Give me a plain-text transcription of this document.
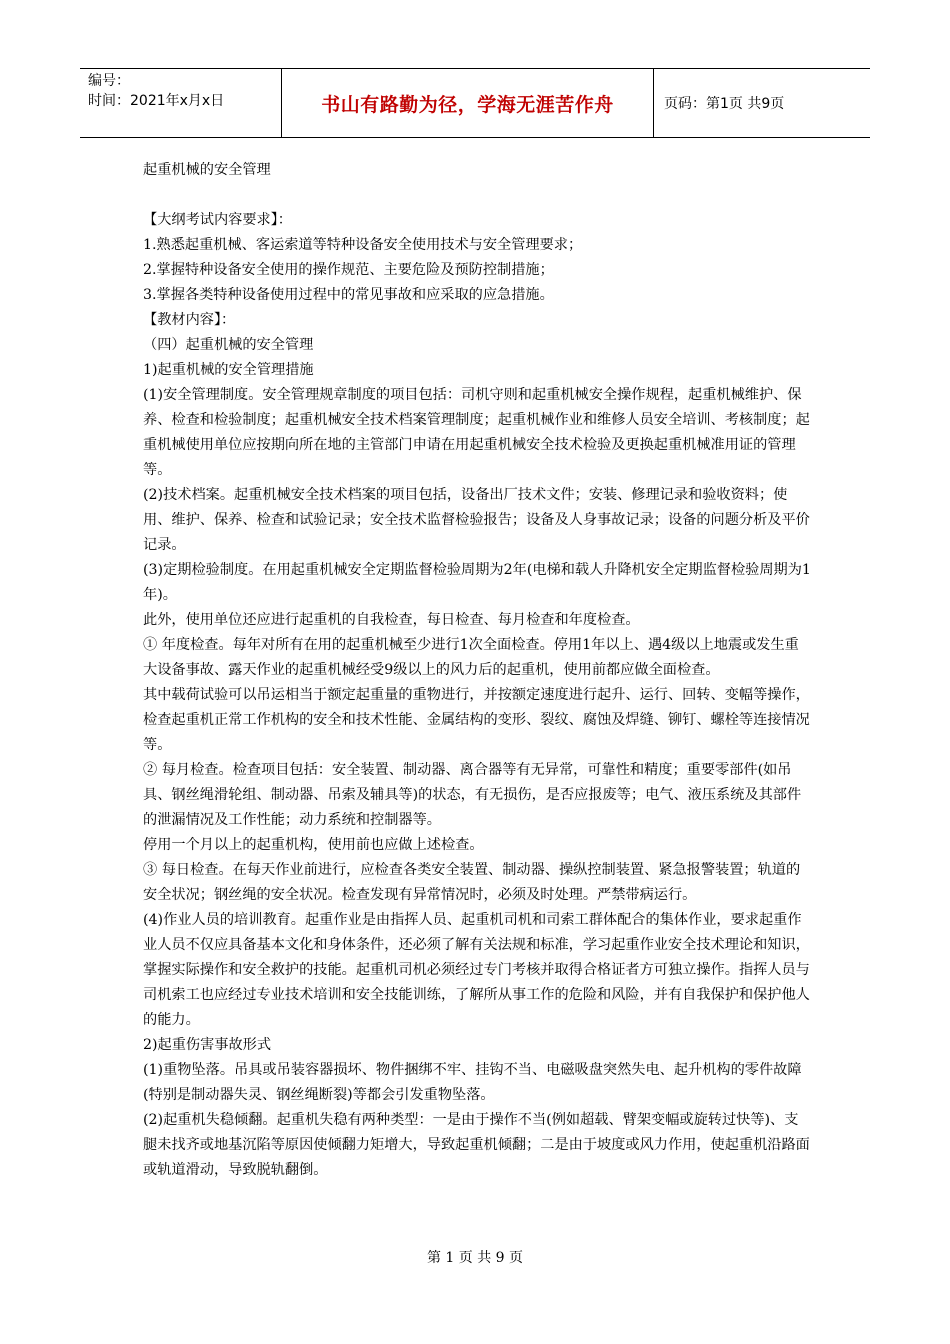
编号：
时间：2021年x月x日	书山有路勤为径，学海无涯苦作舟	页码：第1页 共9页

起重机械的安全管理

【大纲考试内容要求】：

1.熟悉起重机械、客运索道等特种设备安全使用技术与安全管理要求；

2.掌握特种设备安全使用的操作规范、主要危险及预防控制措施；

3.掌握各类特种设备使用过程中的常见事故和应采取的应急措施。

【教材内容】：

（四）起重机械的安全管理

1)起重机械的安全管理措施

(1)安全管理制度。安全管理规章制度的项目包括：司机守则和起重机械安全操作规程，起重机械维护、保养、检查和检验制度；起重机械安全技术档案管理制度；起重机械作业和维修人员安全培训、考核制度；起重机械使用单位应按期向所在地的主管部门申请在用起重机械安全技术检验及更换起重机械准用证的管理等。

(2)技术档案。起重机械安全技术档案的项目包括，设备出厂技术文件；安装、修理记录和验收资料；使用、维护、保养、检查和试验记录；安全技术监督检验报告；设备及人身事故记录；设备的问题分析及平价记录。

(3)定期检验制度。在用起重机械安全定期监督检验周期为2年(电梯和载人升降机安全定期监督检验周期为1年)。

此外，使用单位还应进行起重机的自我检查，每日检查、每月检查和年度检查。

① 年度检查。每年对所有在用的起重机械至少进行1次全面检查。停用1年以上、遇4级以上地震或发生重大设备事故、露天作业的起重机械经受9级以上的风力后的起重机，使用前都应做全面检查。

其中载荷试验可以吊运相当于额定起重量的重物进行，并按额定速度进行起升、运行、回转、变幅等操作，检查起重机正常工作机构的安全和技术性能、金属结构的变形、裂纹、腐蚀及焊缝、铆钉、螺栓等连接情况等。

② 每月检查。检查项目包括：安全装置、制动器、离合器等有无异常，可靠性和精度；重要零部件(如吊具、钢丝绳滑轮组、制动器、吊索及辅具等)的状态，有无损伤，是否应报废等；电气、液压系统及其部件的泄漏情况及工作性能；动力系统和控制器等。

停用一个月以上的起重机构，使用前也应做上述检查。

③ 每日检查。在每天作业前进行，应检查各类安全装置、制动器、操纵控制装置、紧急报警装置；轨道的安全状况；钢丝绳的安全状况。检查发现有异常情况时，必须及时处理。严禁带病运行。

(4)作业人员的培训教育。起重作业是由指挥人员、起重机司机和司索工群体配合的集体作业，要求起重作业人员不仅应具备基本文化和身体条件，还必须了解有关法规和标准，学习起重作业安全技术理论和知识，掌握实际操作和安全救护的技能。起重机司机必须经过专门考核并取得合格证者方可独立操作。指挥人员与司机索工也应经过专业技术培训和安全技能训练，了解所从事工作的危险和风险，并有自我保护和保护他人的能力。

2)起重伤害事故形式

(1)重物坠落。吊具或吊装容器损坏、物件捆绑不牢、挂钩不当、电磁吸盘突然失电、起升机构的零件故障(特别是制动器失灵、钢丝绳断裂)等都会引发重物坠落。

(2)起重机失稳倾翻。起重机失稳有两种类型：一是由于操作不当(例如超载、臂架变幅或旋转过快等)、支腿未找齐或地基沉陷等原因使倾翻力矩增大，导致起重机倾翻；二是由于坡度或风力作用，使起重机沿路面或轨道滑动，导致脱轨翻倒。

第 1 页 共 9 页
